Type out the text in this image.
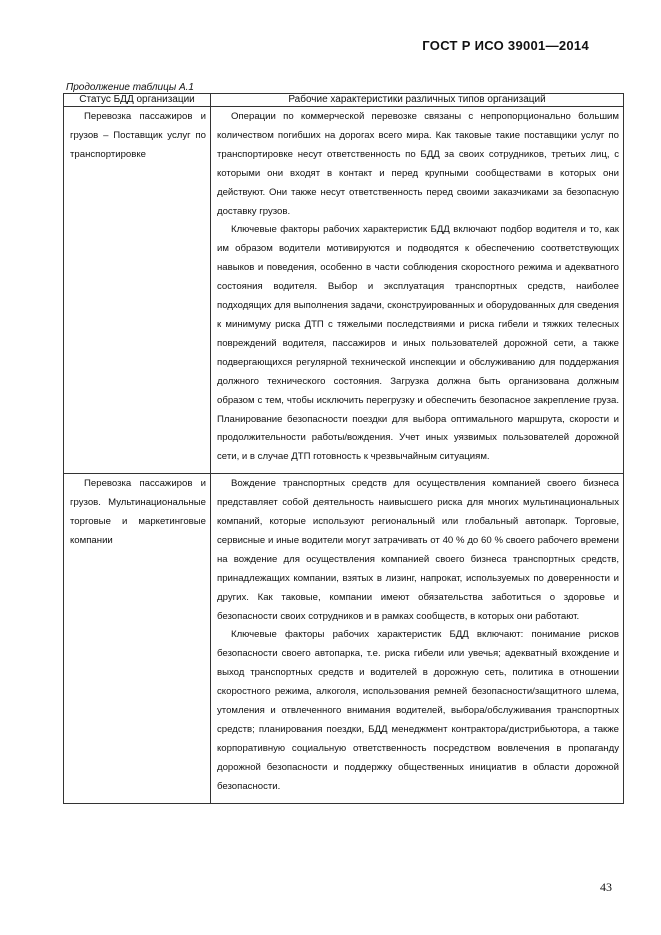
ГОСТ Р ИСО 39001—2014
Продолжение таблицы А.1
Статус БДД организации	Рабочие характеристики различных типов организаций

Перевозка пассажиров и грузов – Поставщик услуг по транспортировке	Операции по коммерческой перевозке связаны с непропорционально большим количеством погибших на дорогах всего мира. Как таковые такие поставщики услуг по транспортировке несут ответственность по БДД за своих сотрудников, третьих лиц, с которыми они входят в контакт и перед крупными сообществами в которых они действуют. Они также несут ответственность перед своими заказчиками за безопасную доставку грузов.

Ключевые факторы рабочих характеристик БДД включают подбор водителя и то, как им образом водители мотивируются и подводятся к обеспечению соответствующих навыков и поведения, особенно в части соблюдения скоростного режима и адекватного состояния водителя. Выбор и эксплуатация транспортных средств, наиболее подходящих для выполнения задачи, сконструированных и оборудованных для сведения к минимуму риска ДТП с тяжелыми последствиями и риска гибели и тяжких телесных повреждений водителя, пассажиров и иных пользователей дорожной сети, а также подвергающихся регулярной технической инспекции и обслуживанию для поддержания должного технического состояния. Загрузка должна быть организована должным образом с тем, чтобы исключить перегрузку и обеспечить безопасное закрепление груза. Планирование безопасности поездки для выбора оптимального маршрута, скорости и продолжительности работы/вождения. Учет иных уязвимых пользователей дорожной сети, и в случае ДТП готовность к чрезвычайным ситуациям.

Перевозка пассажиров и грузов. Мультинациональные торговые и маркетинговые компании	Вождение транспортных средств для осуществления компанией своего бизнеса представляет собой деятельность наивысшего риска для многих мультинациональных компаний, которые используют региональный или глобальный автопарк. Торговые, сервисные и иные водители могут затрачивать от 40 % до 60 % своего рабочего времени на вождение для осуществления компанией своего бизнеса транспортных средств, принадлежащих компании, взятых в лизинг, напрокат, используемых по доверенности и других. Как таковые, компании имеют обязательства заботиться о здоровье и безопасности своих сотрудников и в рамках сообществ, в которых они работают.

Ключевые факторы рабочих характеристик БДД включают: понимание рисков безопасности своего автопарка, т.е. риска гибели или увечья; адекватный вхождение и выход транспортных средств и водителей в дорожную сеть, политика в отношении скоростного режима, алкоголя, использования ремней безопасности/защитного шлема, утомления и отвлеченного внимания водителей, выбора/обслуживания транспортных средств; планирования поездки, БДД менеджмент контрактора/дистрибьютора, а также корпоративную социальную ответственность посредством вовлечения в пропаганду дорожной безопасности и поддержку общественных инициатив в области дорожной безопасности.

43
